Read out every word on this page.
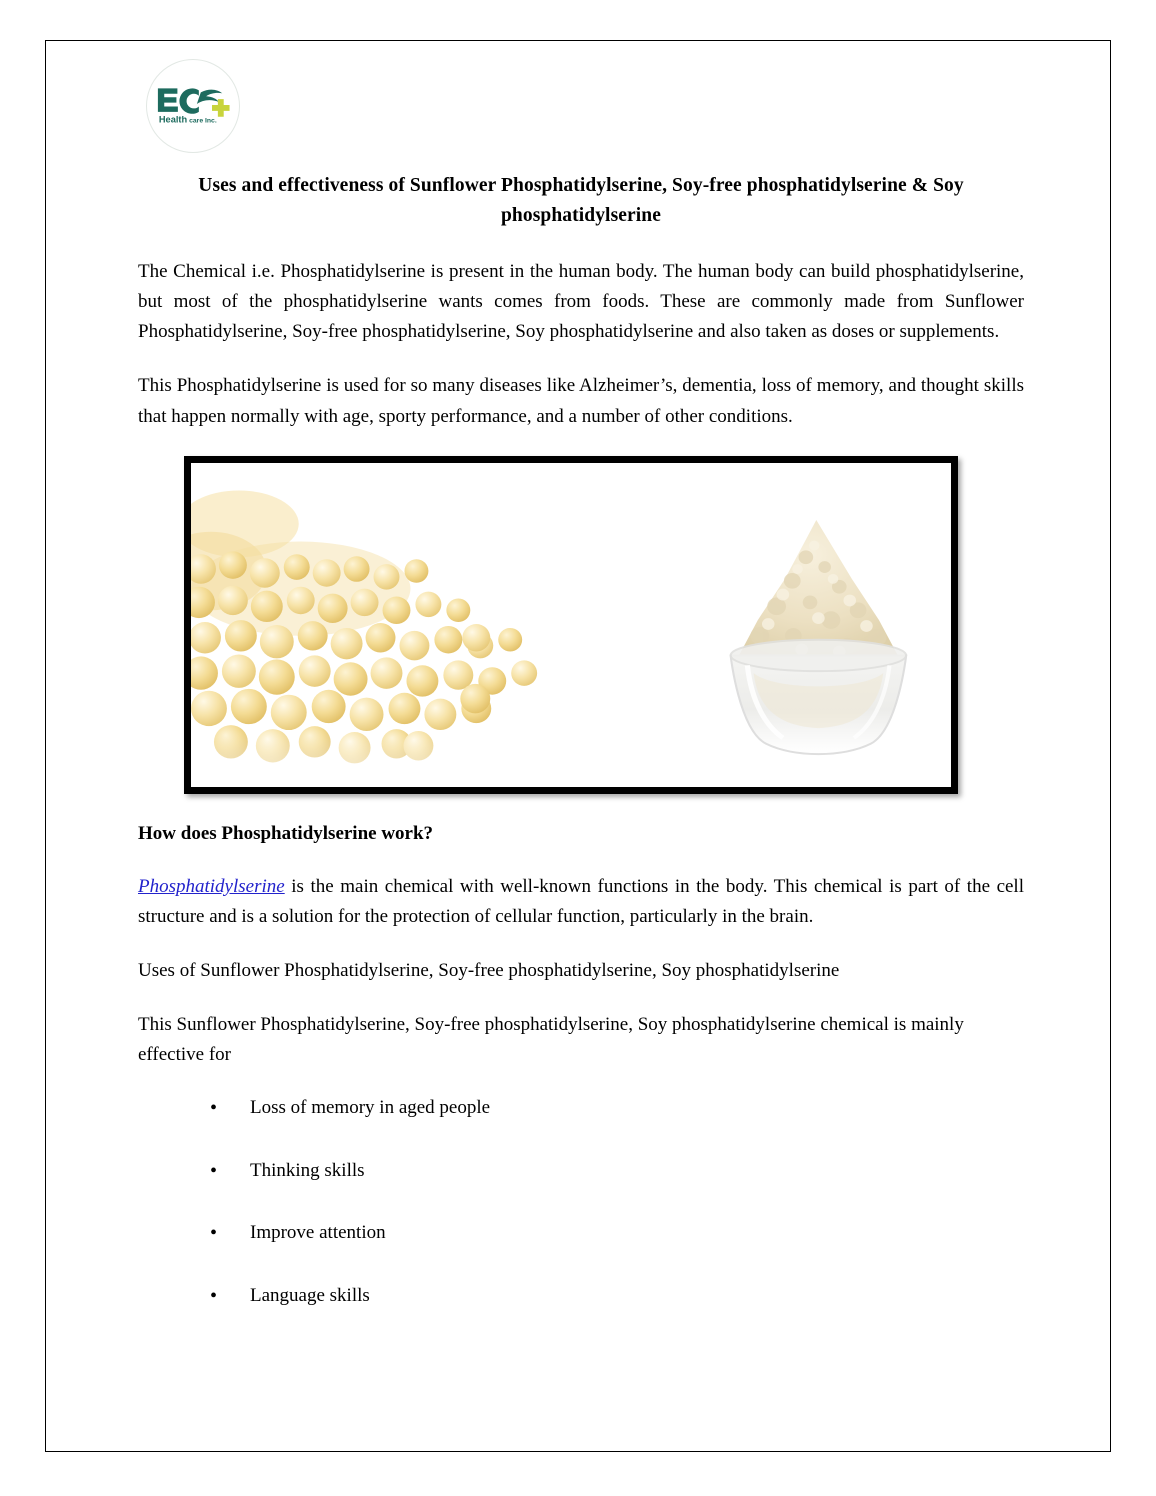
Health care Inc.
Uses and effectiveness of Sunflower Phosphatidylserine, Soy-free phosphatidylserine & Soy phosphatidylserine

The Chemical i.e. Phosphatidylserine is present in the human body. The human body can build phosphatidylserine, but most of the phosphatidylserine wants comes from foods. These are commonly made from Sunflower Phosphatidylserine, Soy-free phosphatidylserine, Soy phosphatidylserine and also taken as doses or supplements.

This Phosphatidylserine is used for so many diseases like Alzheimer’s, dementia, loss of memory, and thought skills that happen normally with age, sporty performance, and a number of other conditions.

How does Phosphatidylserine work?

Phosphatidylserine is the main chemical with well-known functions in the body. This chemical is part of the cell structure and is a solution for the protection of cellular function, particularly in the brain.

Uses of Sunflower Phosphatidylserine, Soy-free phosphatidylserine, Soy phosphatidylserine

This Sunflower Phosphatidylserine, Soy-free phosphatidylserine, Soy phosphatidylserine chemical is mainly effective for

• Loss of memory in aged people
• Thinking skills
• Improve attention
• Language skills
